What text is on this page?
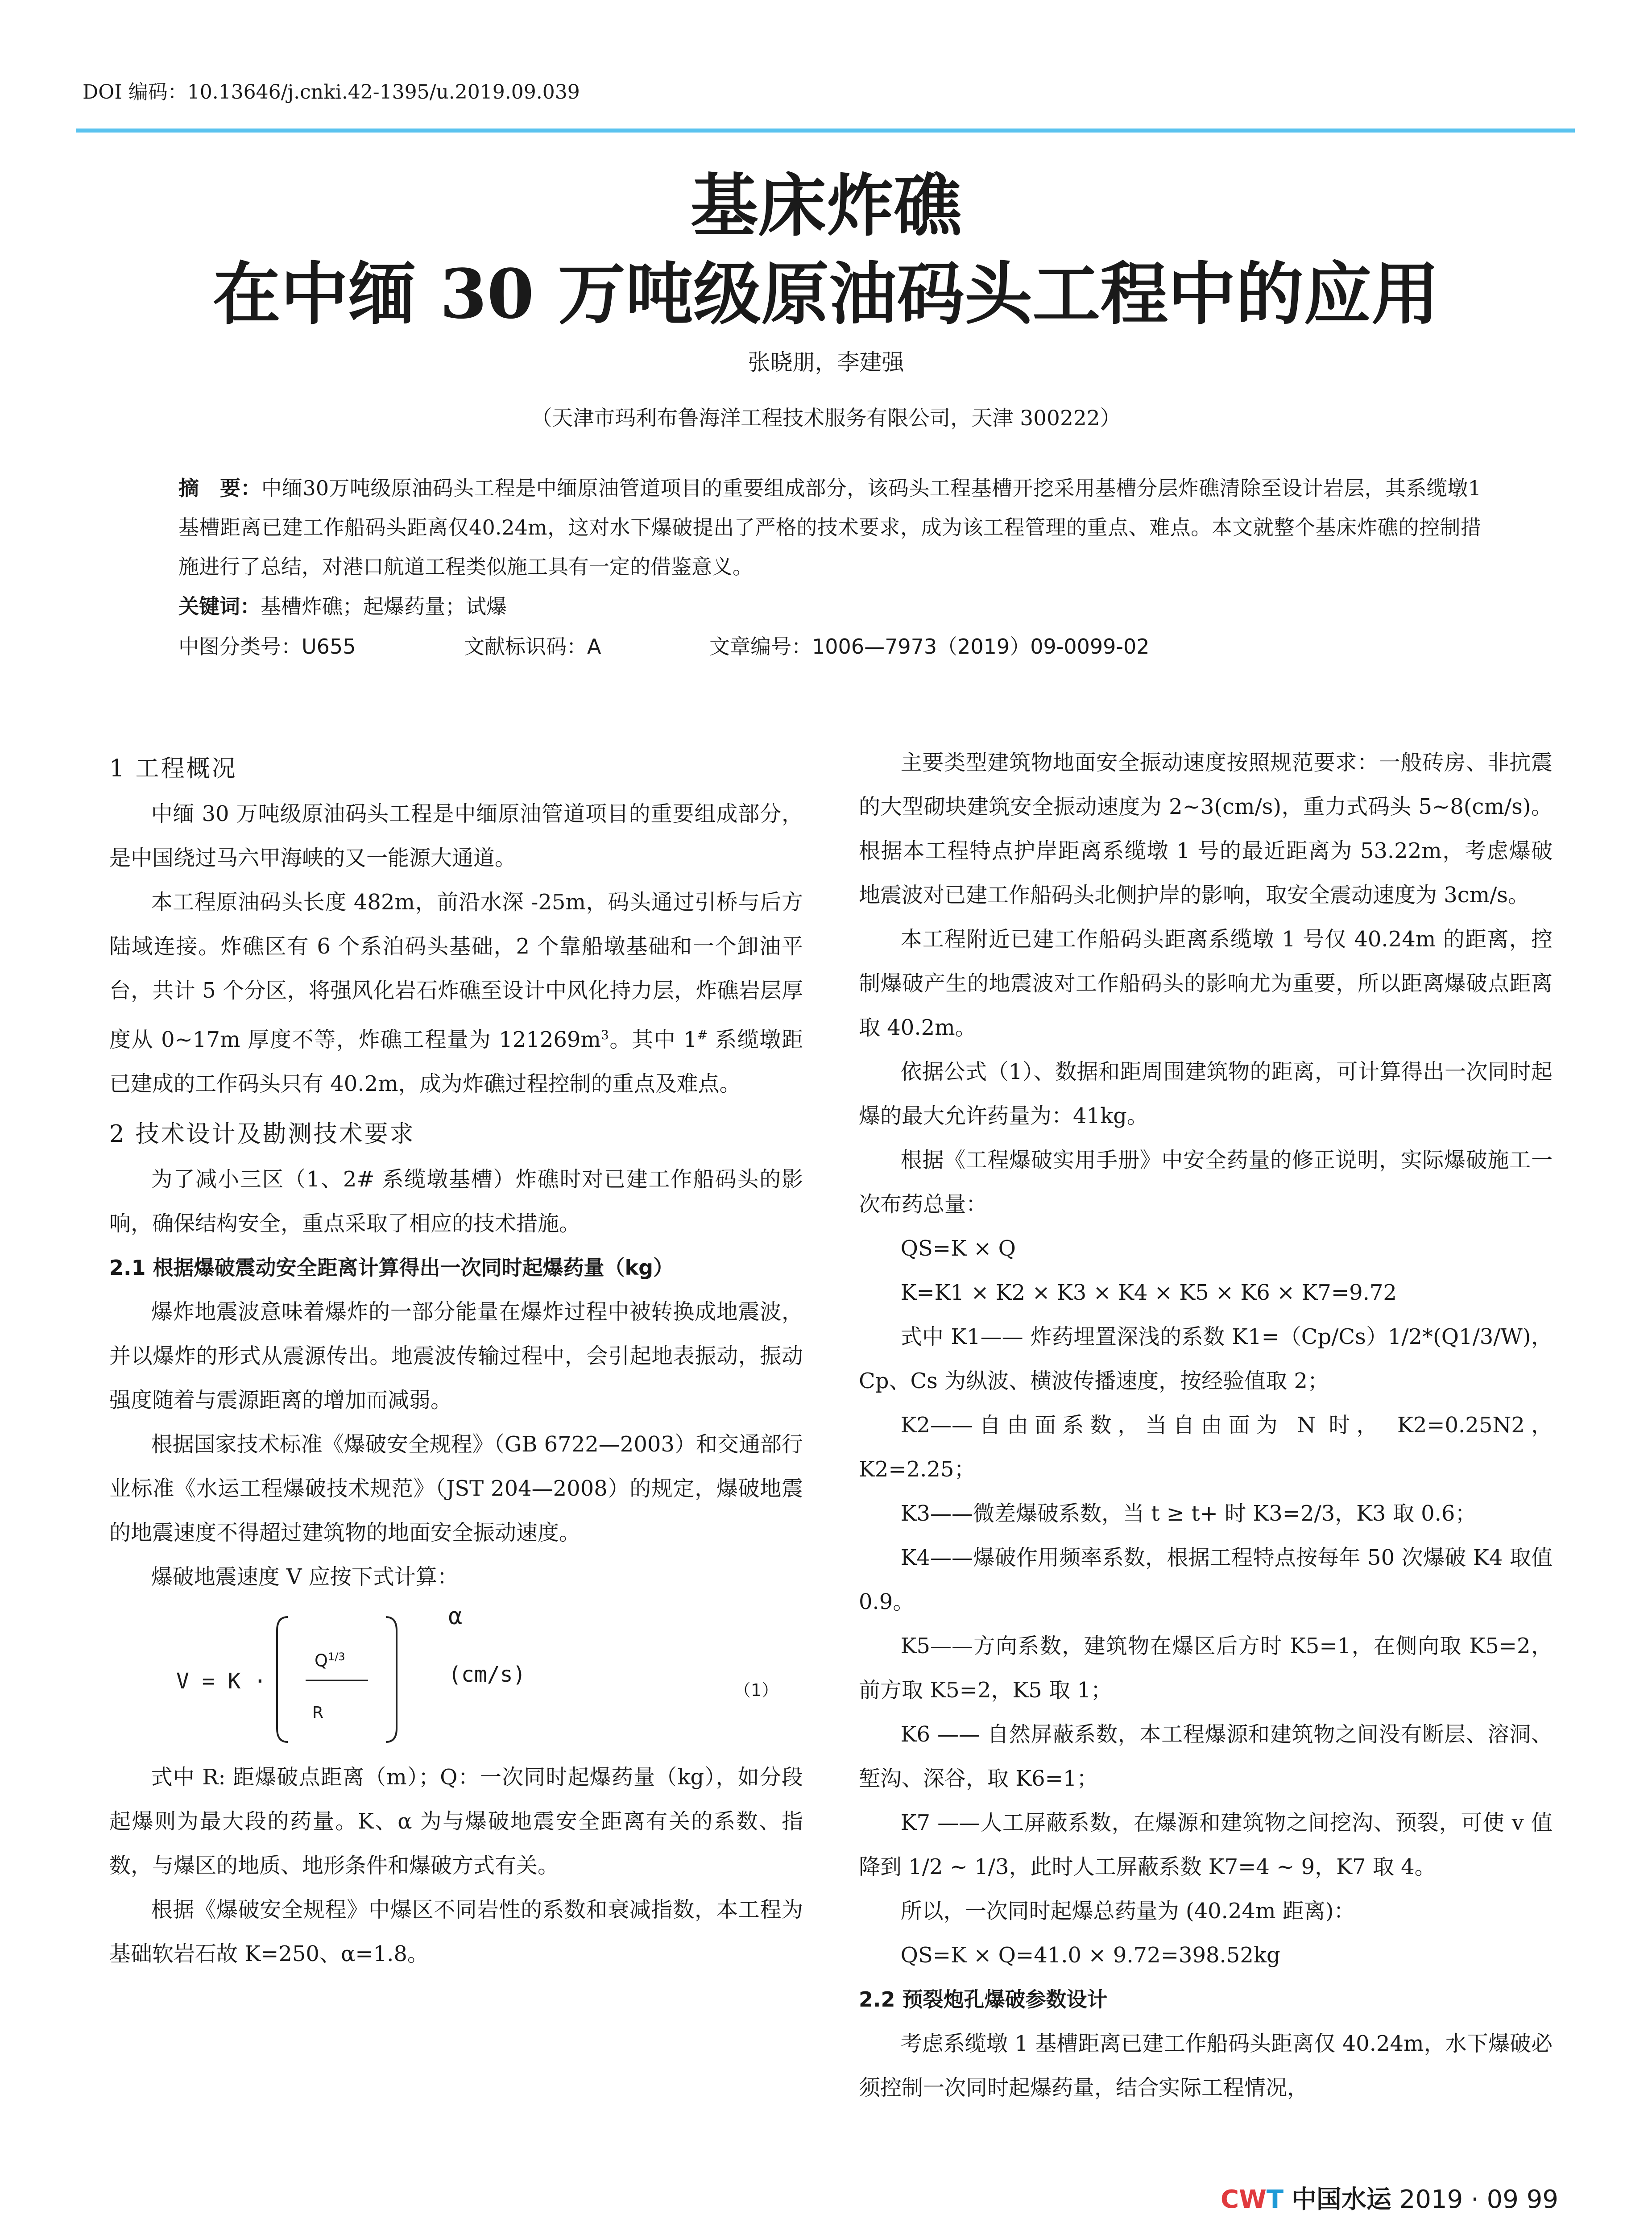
DOI 编码：10.13646/j.cnki.42-1395/u.2019.09.039
基床炸礁
在中缅 30 万吨级原油码头工程中的应用
张晓朋，李建强
（天津市玛利布鲁海洋工程技术服务有限公司，天津 300222）
摘　要：中缅30万吨级原油码头工程是中缅原油管道项目的重要组成部分，该码头工程基槽开挖采用基槽分层炸礁清除至设计岩层，其系缆墩1基槽距离已建工作船码头距离仅40.24m，这对水下爆破提出了严格的技术要求，成为该工程管理的重点、难点。本文就整个基床炸礁的控制措施进行了总结，对港口航道工程类似施工具有一定的借鉴意义。
关键词：基槽炸礁；起爆药量；试爆
中图分类号：U655	文献标识码：A	文章编号：1006—7973（2019）09-0099-02
1 工程概况

中缅 30 万吨级原油码头工程是中缅原油管道项目的重要组成部分，是中国绕过马六甲海峡的又一能源大通道。

本工程原油码头长度 482m，前沿水深 -25m，码头通过引桥与后方陆域连接。炸礁区有 6 个系泊码头基础，2 个靠船墩基础和一个卸油平台，共计 5 个分区，将强风化岩石炸礁至设计中风化持力层，炸礁岩层厚度从 0~17m 厚度不等，炸礁工程量为 $121269m^3$。其中 1# 系缆墩距已建成的工作码头只有 40.2m，成为炸礁过程控制的重点及难点。

2 技术设计及勘测技术要求

为了减小三区（1、2# 系缆墩基槽）炸礁时对已建工作船码头的影响，确保结构安全，重点采取了相应的技术措施。

2.1 根据爆破震动安全距离计算得出一次同时起爆药量（kg）

爆炸地震波意味着爆炸的一部分能量在爆炸过程中被转换成地震波，并以爆炸的形式从震源传出。地震波传输过程中，会引起地表振动，振动强度随着与震源距离的增加而减弱。

根据国家技术标准《爆破安全规程》（GB 6722—2003）和交通部行业标准《水运工程爆破技术规范》（JST 204—2008）的规定，爆破地震的地震速度不得超过建筑物的地面安全振动速度。

爆破地震速度 V 应按下式计算：

V = K ·
$Q^{1/3}$
R
α
(cm/s)
（1）

式中 R: 距爆破点距离（m）；Q：一次同时起爆药量（kg），如分段起爆则为最大段的药量。K、α 为与爆破地震安全距离有关的系数、指数，与爆区的地质、地形条件和爆破方式有关。

根据《爆破安全规程》中爆区不同岩性的系数和衰减指数，本工程为基础软岩石故 K=250、α=1.8。

主要类型建筑物地面安全振动速度按照规范要求：一般砖房、非抗震的大型砌块建筑安全振动速度为 2~3(cm/s)，重力式码头 5~8(cm/s)。根据本工程特点护岸距离系缆墩 1 号的最近距离为 53.22m，考虑爆破地震波对已建工作船码头北侧护岸的影响，取安全震动速度为 3cm/s。

本工程附近已建工作船码头距离系缆墩 1 号仅 40.24m 的距离，控制爆破产生的地震波对工作船码头的影响尤为重要，所以距离爆破点距离取 40.2m。

依据公式（1）、数据和距周围建筑物的距离，可计算得出一次同时起爆的最大允许药量为：41kg。

根据《工程爆破实用手册》中安全药量的修正说明，实际爆破施工一次布药总量：

QS=K × Q

K=K1 × K2 × K3 × K4 × K5 × K6 × K7=9.72

式中 K1—— 炸药埋置深浅的系数 K1=（Cp/Cs）1/2*(Q1/3/W)，Cp、Cs 为纵波、横波传播速度，按经验值取 2；

K2——自由面系数，当自由面为 N 时， K2=0.25N2，K2=2.25；

K3——微差爆破系数，当 t ≥ t+ 时 K3=2/3，K3 取 0.6；

K4——爆破作用频率系数，根据工程特点按每年 50 次爆破 K4 取值 0.9。

K5——方向系数，建筑物在爆区后方时 K5=1，在侧向取 K5=2，前方取 K5=2，K5 取 1；

K6 —— 自然屏蔽系数，本工程爆源和建筑物之间没有断层、溶洞、堑沟、深谷，取 K6=1；

K7 ——人工屏蔽系数，在爆源和建筑物之间挖沟、预裂，可使 v 值降到 1/2 ~ 1/3，此时人工屏蔽系数 K7=4 ~ 9，K7 取 4。

所以，一次同时起爆总药量为 (40.24m 距离)：

QS=K × Q=41.0 × 9.72=398.52kg

2.2 预裂炮孔爆破参数设计

考虑系缆墩 1 基槽距离已建工作船码头距离仅 40.24m，水下爆破必须控制一次同时起爆药量，结合实际工程情况，

CWT 中国水运 2019 · 09 99
